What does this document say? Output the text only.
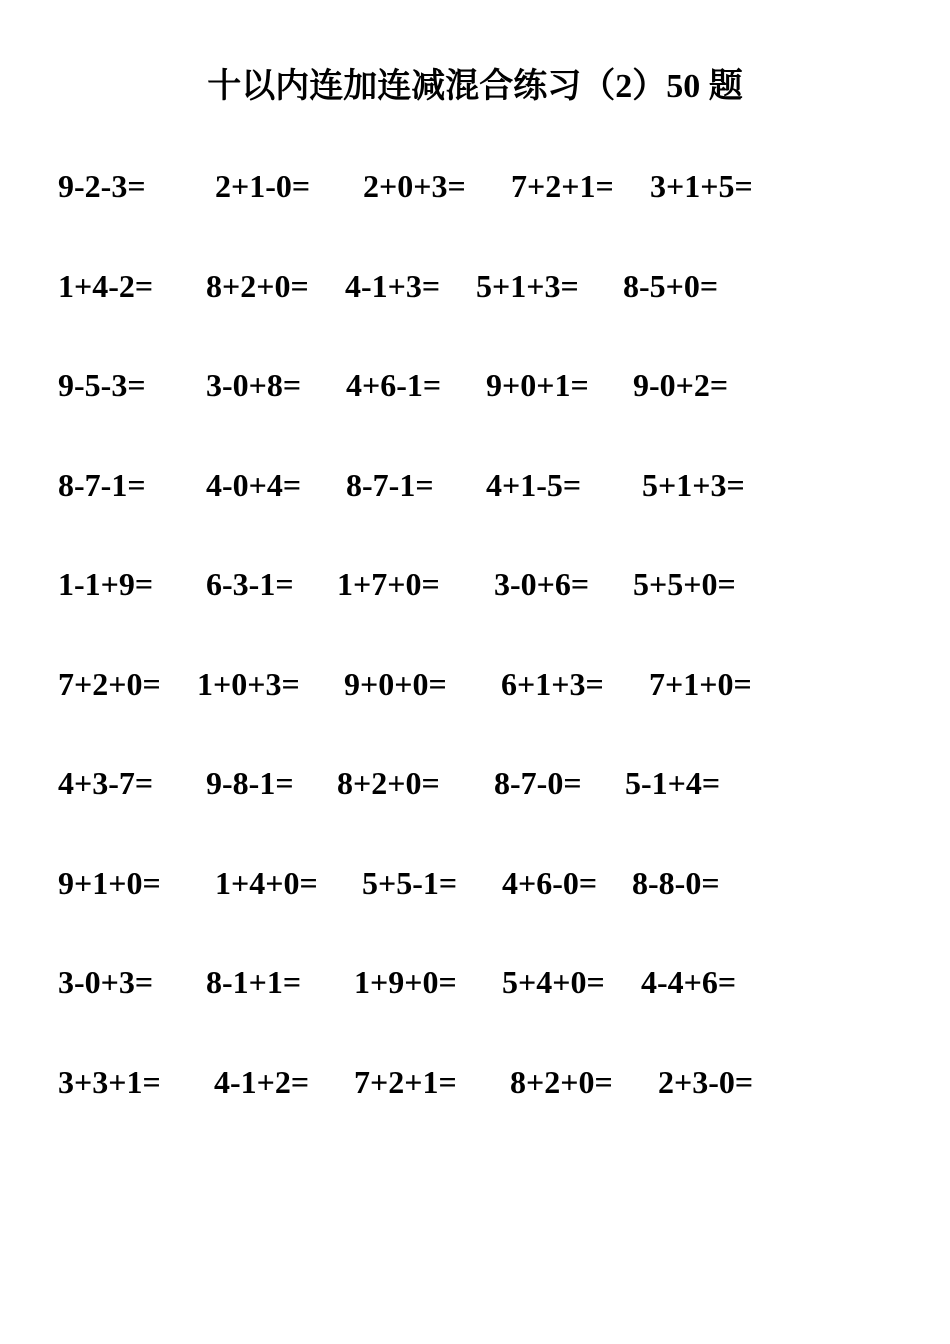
十以内连加连减混合练习（2）50 题
9-2-3= 2+1-0= 2+0+3= 7+2+1= 3+1+5=
1+4-2= 8+2+0= 4-1+3= 5+1+3= 8-5+0=
9-5-3= 3-0+8= 4+6-1= 9+0+1= 9-0+2=
8-7-1= 4-0+4= 8-7-1= 4+1-5= 5+1+3=
1-1+9= 6-3-1= 1+7+0= 3-0+6= 5+5+0=
7+2+0= 1+0+3= 9+0+0= 6+1+3= 7+1+0=
4+3-7= 9-8-1= 8+2+0= 8-7-0= 5-1+4=
9+1+0= 1+4+0= 5+5-1= 4+6-0= 8-8-0=
3-0+3= 8-1+1= 1+9+0= 5+4+0= 4-4+6=
3+3+1= 4-1+2= 7+2+1= 8+2+0= 2+3-0=
